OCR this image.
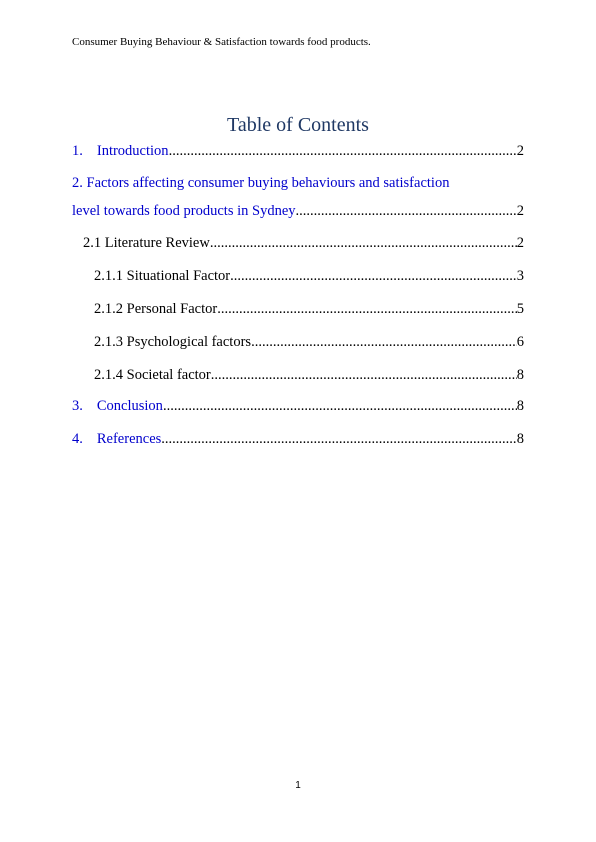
Consumer Buying Behaviour & Satisfaction towards food products.
Table of Contents
1. Introduction .....	2
2. Factors affecting consumer buying behaviours and satisfaction
level towards food products in Sydney .....	2
2.1 Literature Review .....	2
2.1.1 Situational Factor .....	3
2.1.2 Personal Factor .....	5
2.1.3 Psychological factors .....	6
2.1.4 Societal factor .....	8
3. Conclusion .....	8
4. References .....	8
1
